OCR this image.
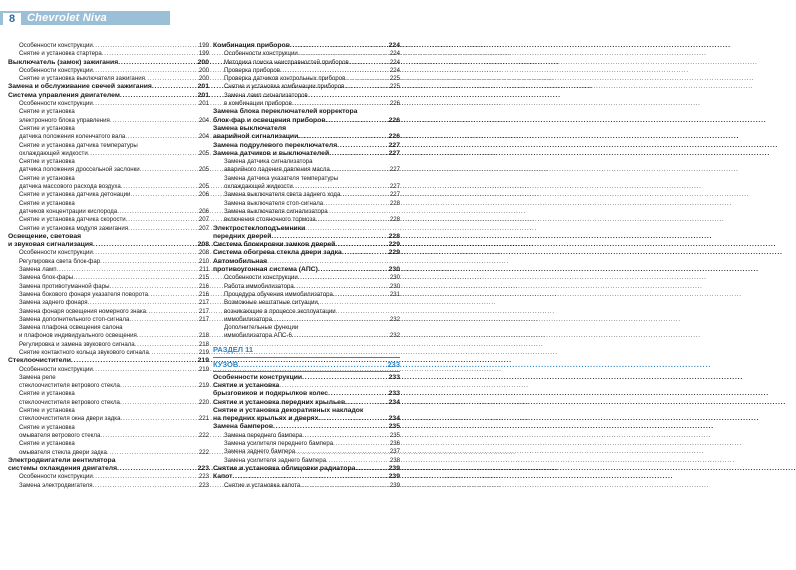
8	Chevrolet Niva
Особенности конструкции .....	199
Снятие и установка стартера .....	199
Выключатель (замок) зажигания .....	200
Особенности конструкции .....	200
Снятие и установка выключателя зажигания .....	200
Замена и обслуживание свечей зажигания .....	201
Система управления двигателем .....	201
Особенности конструкции .....	201
Снятие и установка
электронного блока управления .....	204
Снятие и установка
датчика положения коленчатого вала .....	204
Снятие и установка датчика температуры
охлаждающей жидкости .....	205
Снятие и установка
датчика положения дроссельной заслонки .....	205
Снятие и установка
датчика массового расхода воздуха .....	205
Снятие и установка датчика детонации .....	206
Снятие и установка
датчиков концентрации кислорода .....	206
Снятие и установка датчика скорости .....	207
Снятие и установка модуля зажигания .....	207
Освещение, световая
и звуковая сигнализация .....	208
Особенности конструкции .....	208
Регулировка света блок-фар .....	210
Замена ламп .....	211
Замена блок-фары .....	215
Замена противотуманной фары .....	216
Замена бокового фонаря указателя поворота .....	216
Замена заднего фонаря .....	217
Замена фонаря освещения номерного знака .....	217
Замена дополнительного стоп-сигнала .....	217
Замена плафона освещения салона
и плафонов индивидуального освещения .....	218
Регулировка и замена звукового сигнала .....	218
Снятие контактного кольца звукового сигнала .....	219
Стеклоочистители .....	219
Особенности конструкции .....	219
Замена реле
стеклоочистителя ветрового стекла .....	219
Снятие и установка
стеклоочистителя ветрового стекла .....	220
Снятие и установка
стеклоочистителя окна двери задка .....	221
Снятие и установка
омывателя ветрового стекла .....	222
Снятие и установка
омывателя стекла двери задка .....	222
Электродвигатели вентилятора
системы охлаждения двигателя .....	223
Особенности конструкции .....	223
Замена электродвигателя .....	223
Комбинация приборов .....	224
Особенности конструкции .....	224
Методика поиска неисправностей приборов .....	224
Проверка приборов .....	224
Проверка датчиков контрольных приборов .....	225
Снятие и установка комбинации приборов .....	225
Замена ламп сигнализаторов
в комбинации приборов .....	226
Замена блока переключателей корректора
блок-фар и освещения приборов .....	226
Замена выключателя
аварийной сигнализации .....	226
Замена подрулевого переключателя .....	227
Замена датчиков и выключателей .....	227
Замена датчика сигнализатора
аварийного падения давления масла .....	227
Замена датчика указателя температуры
охлаждающей жидкости .....	227
Замена выключателя света заднего хода .....	227
Замена выключателя стоп-сигнала .....	228
Замена выключателя сигнализатора
включения стояночного тормоза .....	228
Электростеклоподъемники
передних дверей .....	228
Система блокировки замков дверей .....	229
Система обогрева стекла двери задка .....	229
Автомобильная
противоугонная система (АПС) .....	230
Особенности конструкции .....	230
Работа иммобилизатора .....	230
Процедура обучения иммобилизатора .....	231
Возможные нештатные ситуации,
возникающие в процессе эксплуатации
иммобилизатора .....	232
Дополнительные функции
иммобилизатора АПС-6 .....	232
РАЗДЕЛ 11
КУЗОВ .....	233
Особенности конструкции .....	233
Снятие и установка
брызговиков и подкрылков колес .....	233
Снятие и установка передних крыльев .....	234
Снятие и установка декоративных накладок
на передних крыльях и дверях .....	234
Замена бамперов .....	235
Замена переднего бампера .....	235
Замена усилителя переднего бампера .....	236
Замена заднего бампера .....	237
Замена усилителя заднего бампера .....	238
Снятие и установка облицовки радиатора .....	239
Капот .....	239
Снятие и установка капота .....	239
